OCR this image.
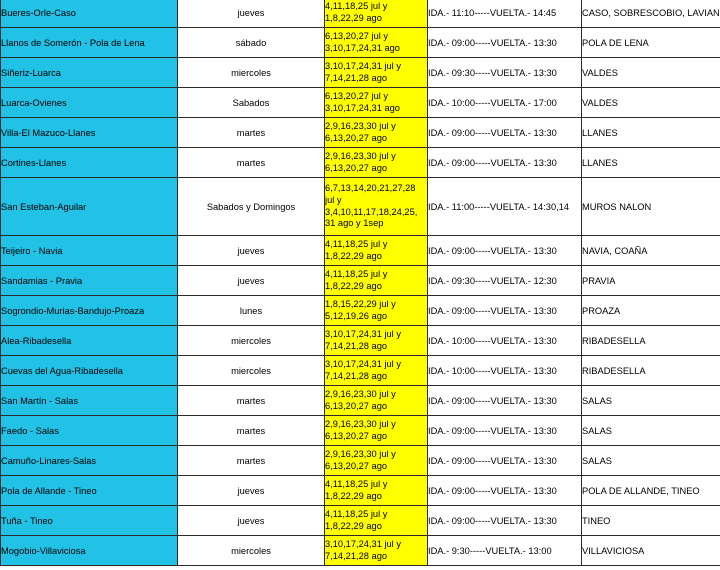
Bueres-Orle-Caso	jueves	4,11,18,25 jul y
1,8,22,29 ago	IDA.- 11:10-----VUELTA.- 14:45	CASO, SOBRESCOBIO, LAVIAN
Llanos de Somerón - Pola de Lena	sábado	6,13,20,27 jul y
3,10,17,24,31 ago	IDA.- 09:00-----VUELTA.- 13:30	POLA DE LENA
Siñeriz-Luarca	miercoles	3,10,17,24,31 jul y
7,14,21,28 ago	IDA.- 09:30-----VUELTA.- 13:30	VALDES
Luarca-Ovienes	Sabados	6,13,20,27 jul y
3,10,17,24,31 ago	IDA.- 10:00-----VUELTA.- 17:00	VALDES
Villa-El Mazuco-Llanes	martes	2,9,16,23,30 jul y
6,13,20,27 ago	IDA.- 09:00-----VUELTA.- 13:30	LLANES
Cortines-Llanes	martes	2,9,16,23,30 jul y
6,13,20,27 ago	IDA.- 09:00-----VUELTA.- 13:30	LLANES
San Esteban-Aguilar	Sabados y Domingos	6,7,13,14,20,21,27,28
jul y
3,4,10,11,17,18,24,25,
31 ago y 1sep	IDA.- 11:00-----VUELTA.- 14:30,14	MUROS NALON
Teijeiro - Navia	jueves	4,11,18,25 jul y
1,8,22,29 ago	IDA.- 09:00-----VUELTA.- 13:30	NAVIA, COAÑA
Sandamias - Pravia	jueves	4,11,18,25 jul y
1,8,22,29 ago	IDA.- 09:30-----VUELTA.- 12:30	PRAVIA
Sogrondio-Murias-Bandujo-Proaza	lunes	1,8,15,22,29 jul y
5,12,19,26 ago	IDA.- 09:00-----VUELTA.- 13:30	PROAZA
Alea-Ribadesella	miercoles	3,10,17,24,31 jul y
7,14,21,28 ago	IDA.- 10:00-----VUELTA.- 13:30	RIBADESELLA
Cuevas del Agua-Ribadesella	miercoles	3,10,17,24,31 jul y
7,14,21,28 ago	IDA.- 10:00-----VUELTA.- 13:30	RIBADESELLA
San Martín - Salas	martes	2,9,16,23,30 jul y
6,13,20,27 ago	IDA.- 09:00-----VUELTA.- 13:30	SALAS
Faedo - Salas	martes	2,9,16,23,30 jul y
6,13,20,27 ago	IDA.- 09:00-----VUELTA.- 13:30	SALAS
Camuño-Linares-Salas	martes	2,9,16,23,30 jul y
6,13,20,27 ago	IDA.- 09:00-----VUELTA.- 13:30	SALAS
Pola de Allande - Tineo	jueves	4,11,18,25 jul y
1,8,22,29 ago	IDA.- 09:00-----VUELTA.- 13:30	POLA DE ALLANDE, TINEO
Tuña - Tineo	jueves	4,11,18,25 jul y
1,8,22,29 ago	IDA.- 09:00-----VUELTA.- 13:30	TINEO
Mogobio-Villaviciosa	miercoles	3,10,17,24,31 jul y
7,14,21,28 ago	IDA.- 9:30-----VUELTA.- 13:00	VILLAVICIOSA
